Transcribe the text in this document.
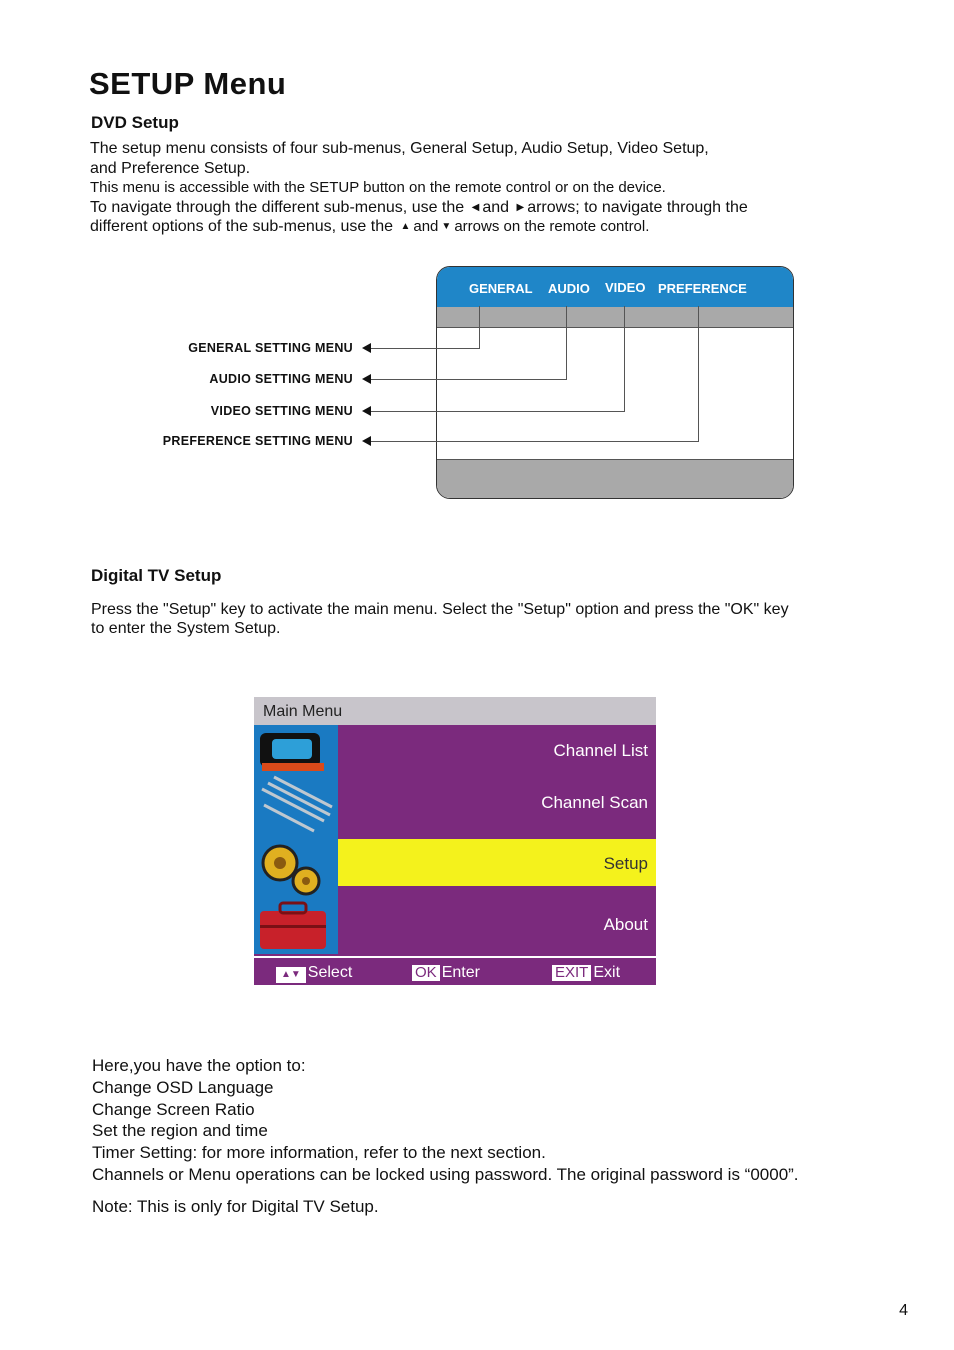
SETUP Menu
DVD Setup
The setup menu consists of four sub-menus, General Setup, Audio Setup, Video Setup,
and Preference Setup.
This menu is accessible with the SETUP button on the remote control or on the device.
To navigate through the different sub-menus, use the ◀ and ▶ arrows; to navigate through the
different options of the sub-menus, use the ▲ and ▼ arrows on the remote control.
GENERAL AUDIO VIDEO PREFERENCE
GENERAL SETTING MENU
AUDIO SETTING MENU
VIDEO SETTING MENU
PREFERENCE SETTING MENU
Digital TV Setup
Press the "Setup" key to activate the main menu. Select the "Setup" option and press the "OK" key
to enter the System Setup.
Main Menu
Channel List
Channel Scan
Setup
About
▲▼ Select	OK Enter	EXIT Exit
Here,you have the option to:
Change OSD Language
Change Screen Ratio
Set the region and time
Timer Setting: for more information, refer to the next section.
Channels or Menu operations can be locked using password. The original password is “0000”.
Note: This is only for Digital TV Setup.
4
